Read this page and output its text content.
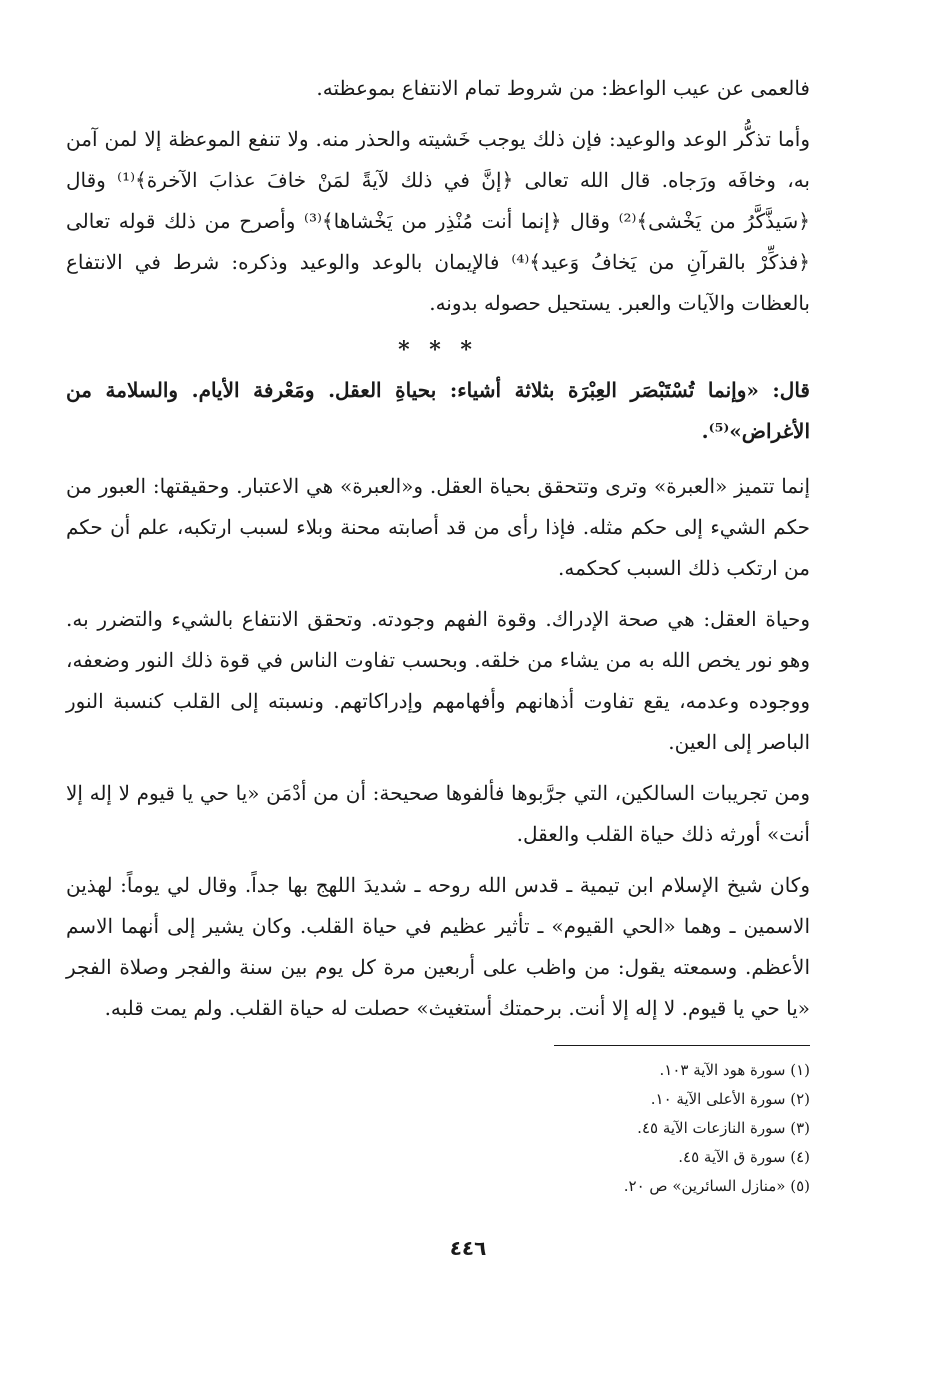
فالعمى عن عيب الواعظ: من شروط تمام الانتفاع بموعظته.

وأما تذكُّر الوعد والوعيد: فإن ذلك يوجب خَشيته والحذر منه. ولا تنفع الموعظة إلا لمن آمن به، وخافَه ورَجاه. قال الله تعالى ﴿إنَّ في ذلك لآيةً لمَنْ خافَ عذابَ الآخرة﴾⁽¹⁾ وقال ﴿سَيذَّكَّرُ من يَخْشى﴾⁽²⁾ وقال ﴿إنما أنت مُنْذِر من يَخْشاها﴾⁽³⁾ وأصرح من ذلك قوله تعالى ﴿فذكِّرْ بالقرآنِ من يَخافُ وَعيد﴾⁽⁴⁾ فالإيمان بالوعد والوعيد وذكره: شرط في الانتفاع بالعظات والآيات والعبر. يستحيل حصوله بدونه.

* * *

قال: «وإنما تُسْتَبْصَر العِبْرَة بثلاثة أشياء: بحياةِ العقل. ومَعْرفة الأيام. والسلامة من الأغراض»⁽⁵⁾.

إنما تتميز «العبرة» وترى وتتحقق بحياة العقل. و«العبرة» هي الاعتبار. وحقيقتها: العبور من حكم الشيء إلى حكم مثله. فإذا رأى من قد أصابته محنة وبلاء لسبب ارتكبه، علم أن حكم من ارتكب ذلك السبب كحكمه.

وحياة العقل: هي صحة الإدراك. وقوة الفهم وجودته. وتحقق الانتفاع بالشيء والتضرر به. وهو نور يخص الله به من يشاء من خلقه. وبحسب تفاوت الناس في قوة ذلك النور وضعفه، ووجوده وعدمه، يقع تفاوت أذهانهم وأفهامهم وإدراكاتهم. ونسبته إلى القلب كنسبة النور الباصر إلى العين.

ومن تجريبات السالكين، التي جرَّبوها فألفوها صحيحة: أن من أدْمَن «يا حي يا قيوم لا إله إلا أنت» أورثه ذلك حياة القلب والعقل.

وكان شيخ الإسلام ابن تيمية ـ قدس الله روحه ـ شديدَ اللهج بها جداً. وقال لي يوماً: لهذين الاسمين ـ وهما «الحي القيوم» ـ تأثير عظيم في حياة القلب. وكان يشير إلى أنهما الاسم الأعظم. وسمعته يقول: من واظب على أربعين مرة كل يوم بين سنة والفجر وصلاة الفجر «يا حي يا قيوم. لا إله إلا أنت. برحمتك أستغيث» حصلت له حياة القلب. ولم يمت قلبه.

(١) سورة هود الآية ١٠٣.
(٢) سورة الأعلى الآية ١٠.
(٣) سورة النازعات الآية ٤٥.
(٤) سورة ق الآية ٤٥.
(٥) «منازل السائرين» ص ٢٠.
٤٤٦
